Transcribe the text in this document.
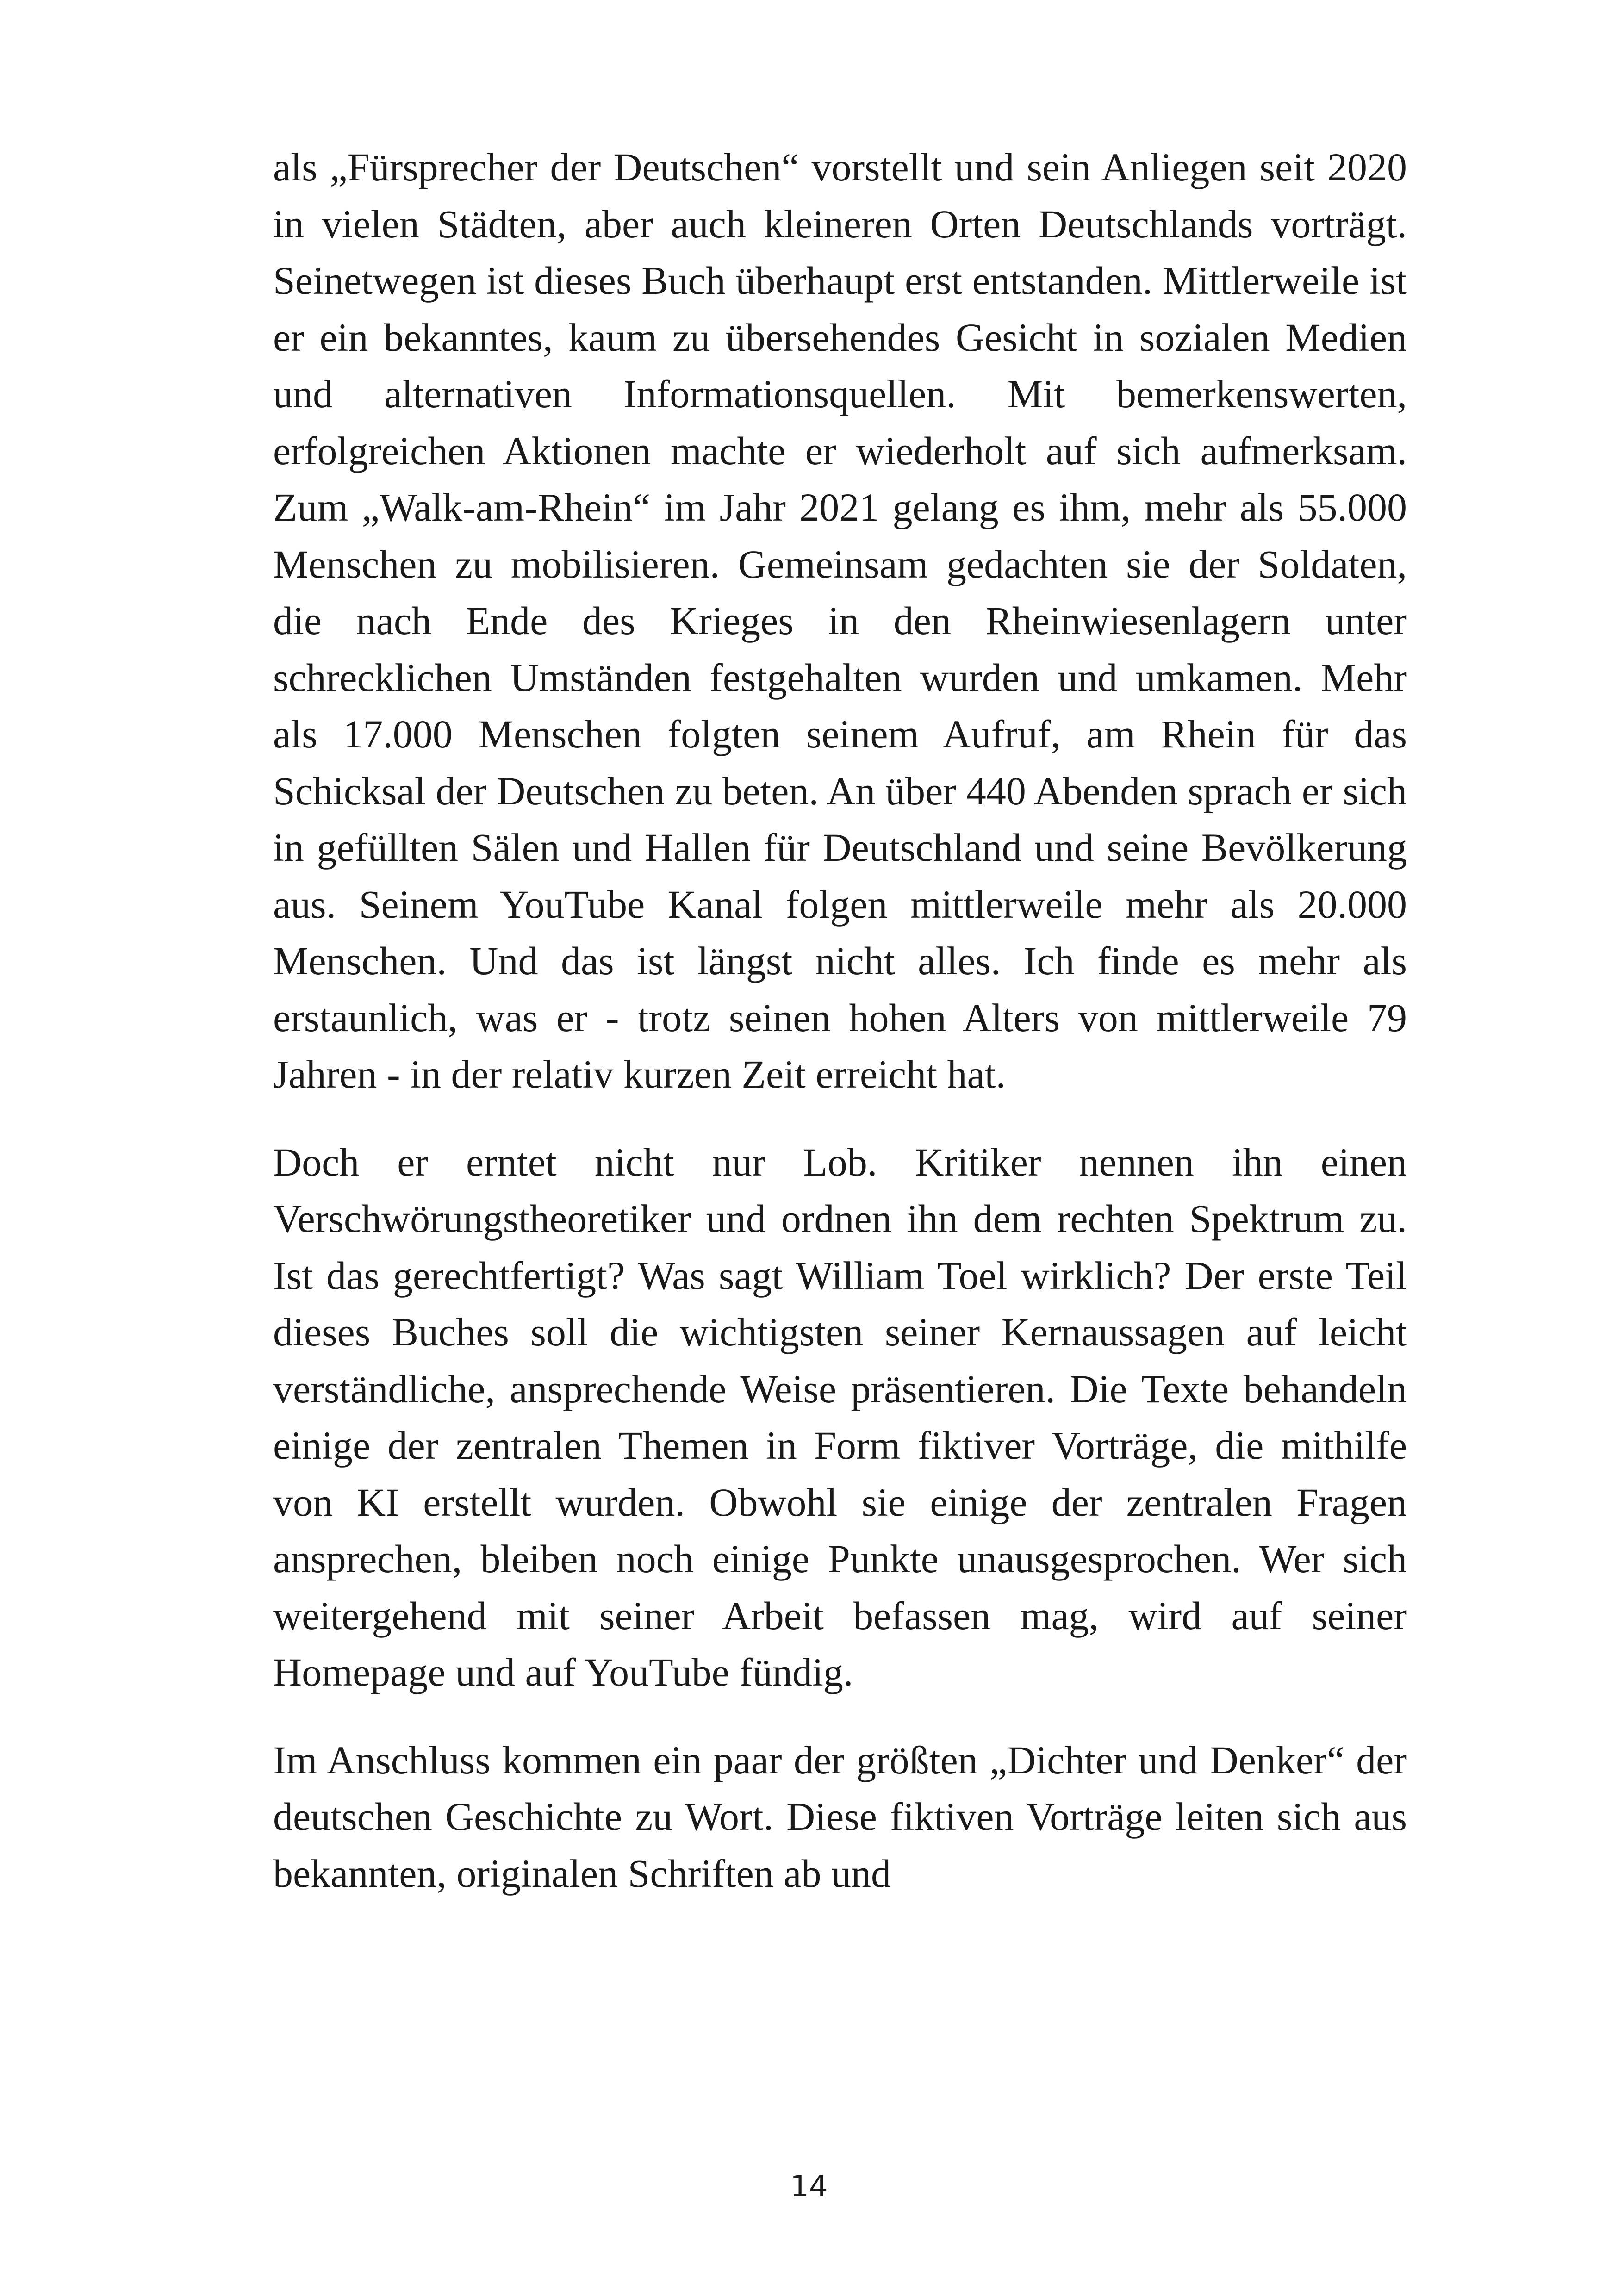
als „Fürsprecher der Deutschen“ vorstellt und sein Anliegen seit 2020 in vielen Städten, aber auch kleineren Orten Deutschlands vorträgt. Seinetwegen ist dieses Buch überhaupt erst entstanden. Mittlerweile ist er ein bekanntes, kaum zu übersehendes Gesicht in sozialen Medien und alternativen Informationsquellen. Mit bemerkenswerten, erfolgreichen Aktionen machte er wiederholt auf sich aufmerksam. Zum „Walk-am-Rhein“ im Jahr 2021 gelang es ihm, mehr als 55.000 Menschen zu mobilisieren. Gemeinsam gedachten sie der Soldaten, die nach Ende des Krieges in den Rheinwiesenlagern unter schrecklichen Umständen festgehalten wurden und umkamen. Mehr als 17.000 Menschen folgten seinem Aufruf, am Rhein für das Schicksal der Deutschen zu beten. An über 440 Abenden sprach er sich in gefüllten Sälen und Hallen für Deutschland und seine Bevölkerung aus. Seinem YouTube Kanal folgen mittlerweile mehr als 20.000 Menschen. Und das ist längst nicht alles. Ich finde es mehr als erstaunlich, was er - trotz seinen hohen Alters von mittlerweile 79 Jahren - in der relativ kurzen Zeit erreicht hat.

Doch er erntet nicht nur Lob. Kritiker nennen ihn einen Verschwörungstheoretiker und ordnen ihn dem rechten Spektrum zu. Ist das gerechtfertigt? Was sagt William Toel wirklich? Der erste Teil dieses Buches soll die wichtigsten seiner Kernaussagen auf leicht verständliche, ansprechende Weise präsentieren. Die Texte behandeln einige der zentralen Themen in Form fiktiver Vorträge, die mithilfe von KI erstellt wurden. Obwohl sie einige der zentralen Fragen ansprechen, bleiben noch einige Punkte unausgesprochen. Wer sich weitergehend mit seiner Arbeit befassen mag, wird auf seiner Homepage und auf YouTube fündig.

Im Anschluss kommen ein paar der größten „Dichter und Denker“ der deutschen Geschichte zu Wort. Diese fiktiven Vorträge leiten sich aus bekannten, originalen Schriften ab und

14
